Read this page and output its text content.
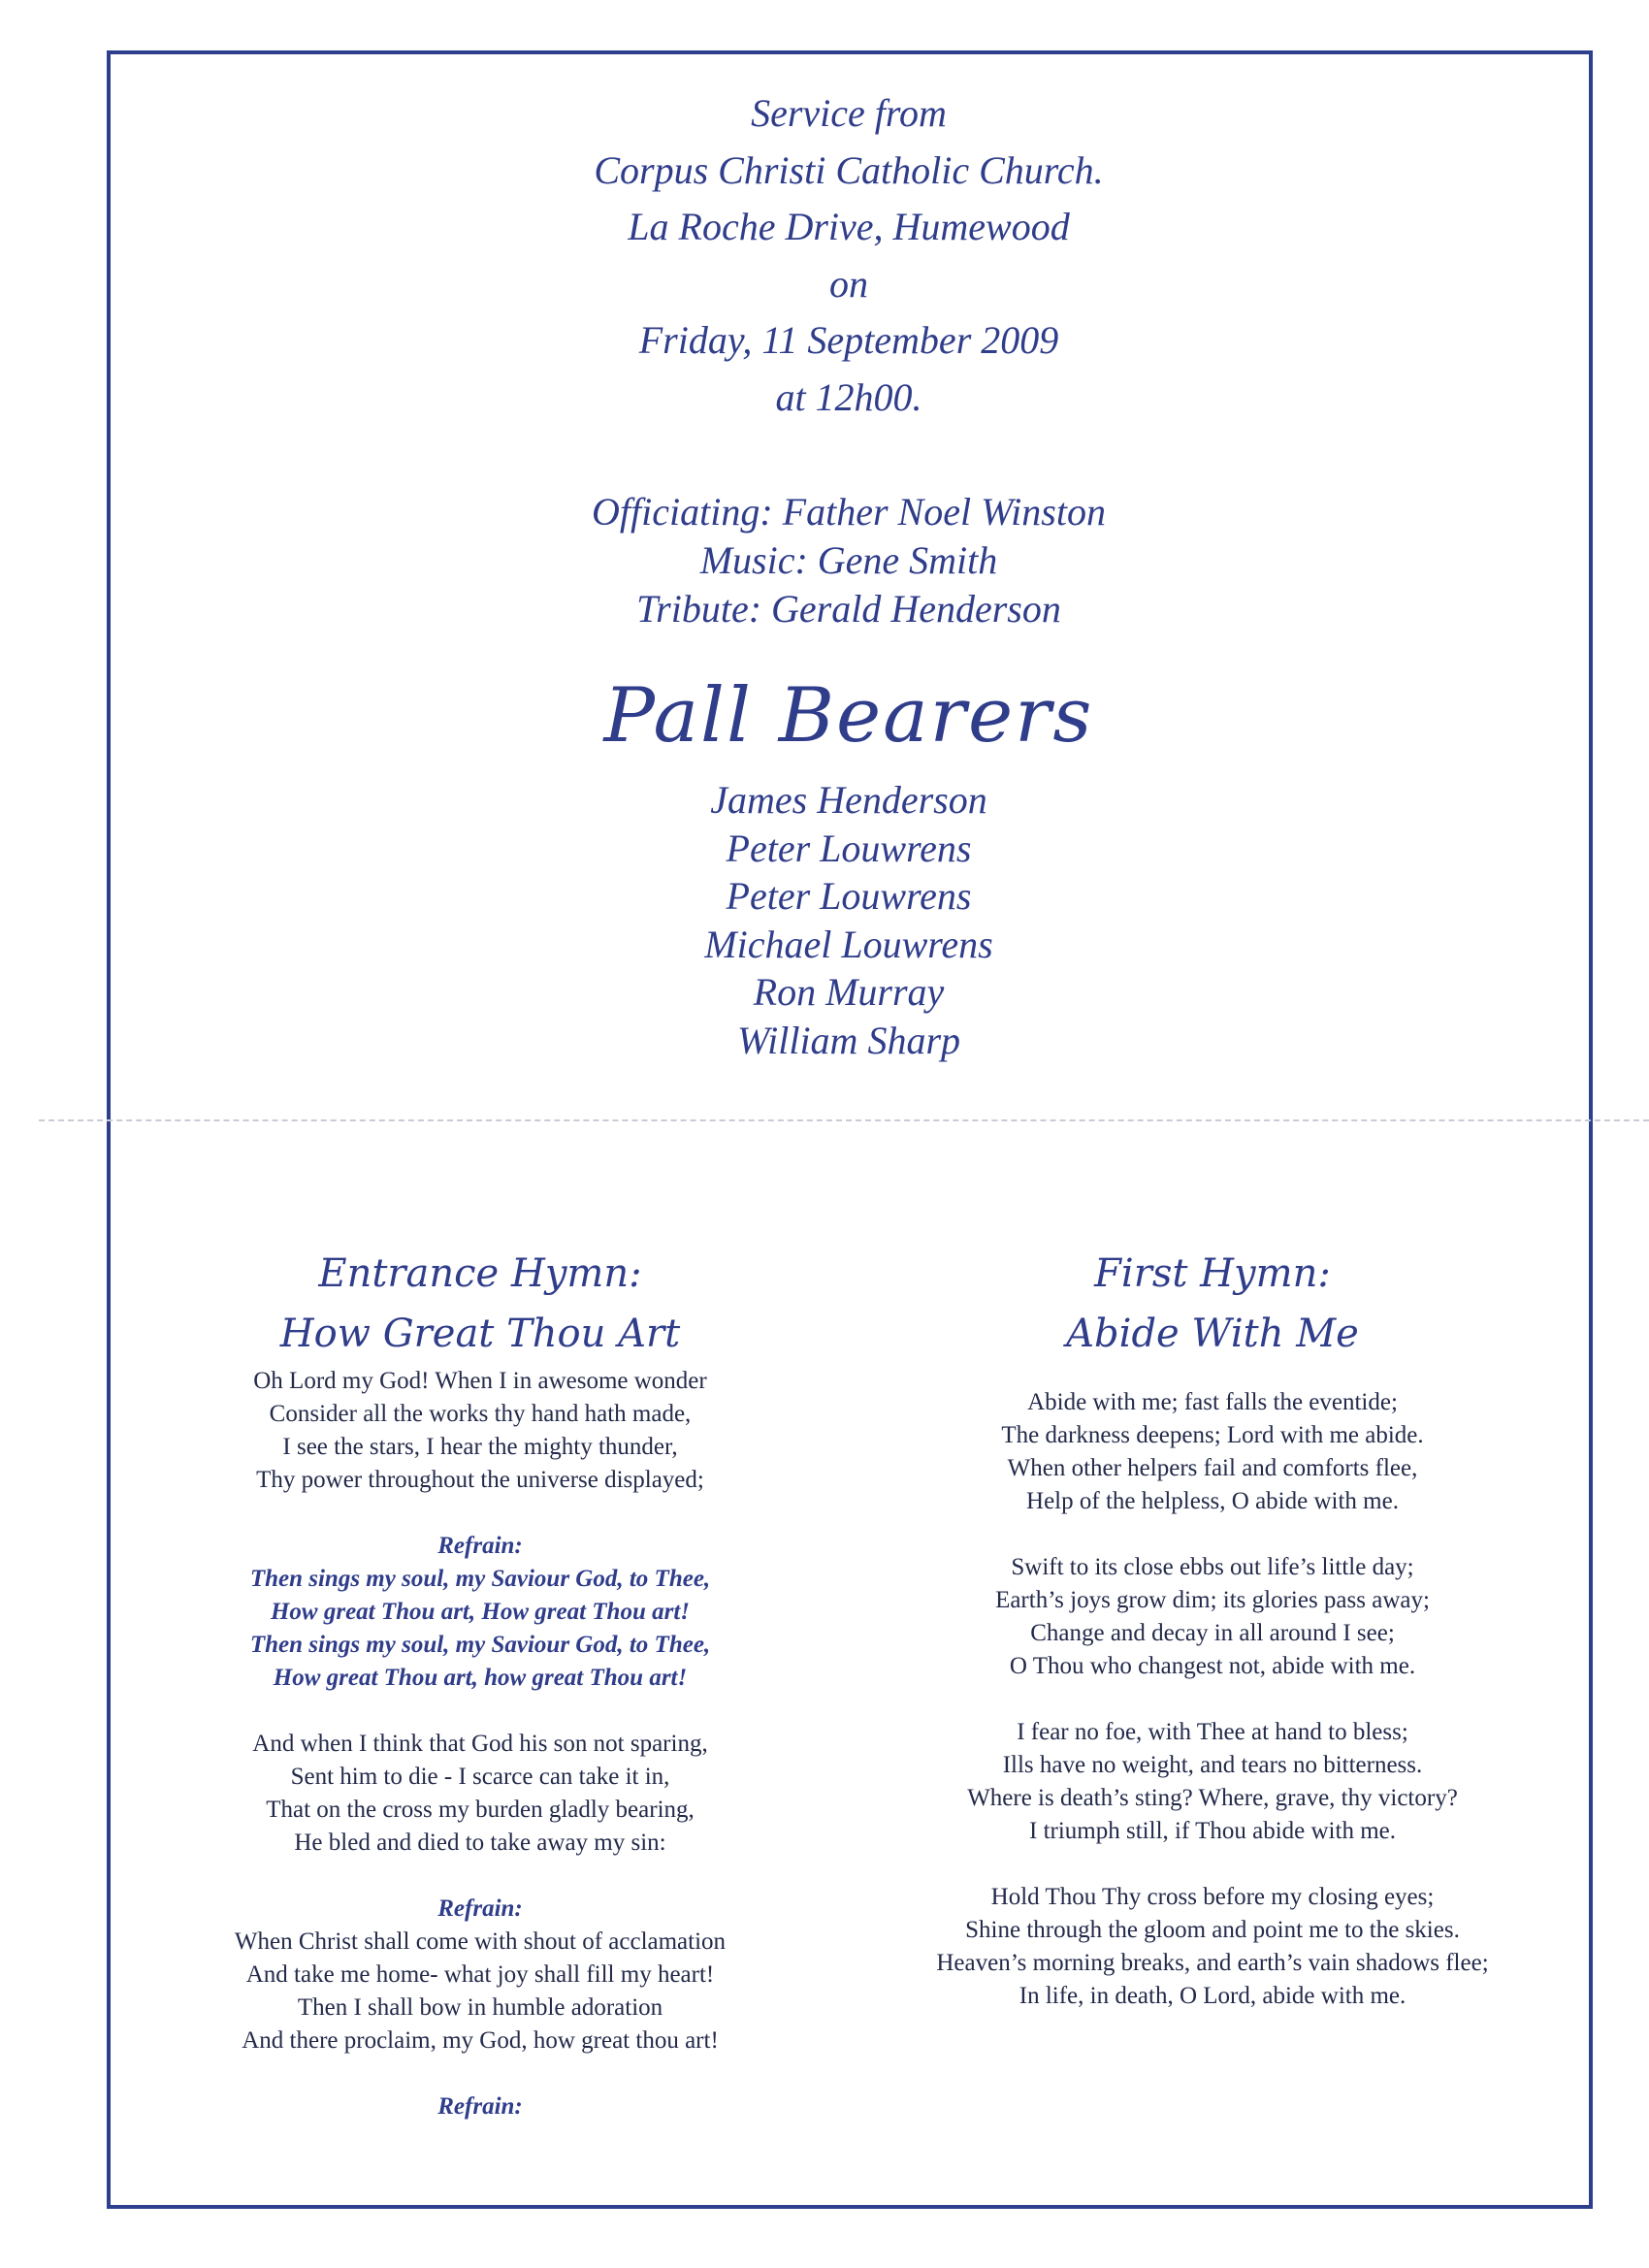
Service from
Corpus Christi Catholic Church.
La Roche Drive, Humewood
on
Friday, 11 September 2009
at 12h00.
Officiating: Father Noel Winston
Music: Gene Smith
Tribute: Gerald Henderson
Pall Bearers
James Henderson
Peter Louwrens
Peter Louwrens
Michael Louwrens
Ron Murray
William Sharp
Entrance Hymn:
How Great Thou Art
Oh Lord my God! When I in awesome wonder
Consider all the works thy hand hath made,
I see the stars, I hear the mighty thunder,
Thy power throughout the universe displayed;
Refrain:
Then sings my soul, my Saviour God, to Thee,
How great Thou art, How great Thou art!
Then sings my soul, my Saviour God, to Thee,
How great Thou art, how great Thou art!
And when I think that God his son not sparing,
Sent him to die - I scarce can take it in,
That on the cross my burden gladly bearing,
He bled and died to take away my sin:
Refrain:
When Christ shall come with shout of acclamation
And take me home- what joy shall fill my heart!
Then I shall bow in humble adoration
And there proclaim, my God, how great thou art!
Refrain:
First Hymn:
Abide With Me
Abide with me; fast falls the eventide;
The darkness deepens; Lord with me abide.
When other helpers fail and comforts flee,
Help of the helpless, O abide with me.
Swift to its close ebbs out life’s little day;
Earth’s joys grow dim; its glories pass away;
Change and decay in all around I see;
O Thou who changest not, abide with me.
I fear no foe, with Thee at hand to bless;
Ills have no weight, and tears no bitterness.
Where is death’s sting? Where, grave, thy victory?
I triumph still, if Thou abide with me.
Hold Thou Thy cross before my closing eyes;
Shine through the gloom and point me to the skies.
Heaven’s morning breaks, and earth’s vain shadows flee;
In life, in death, O Lord, abide with me.
